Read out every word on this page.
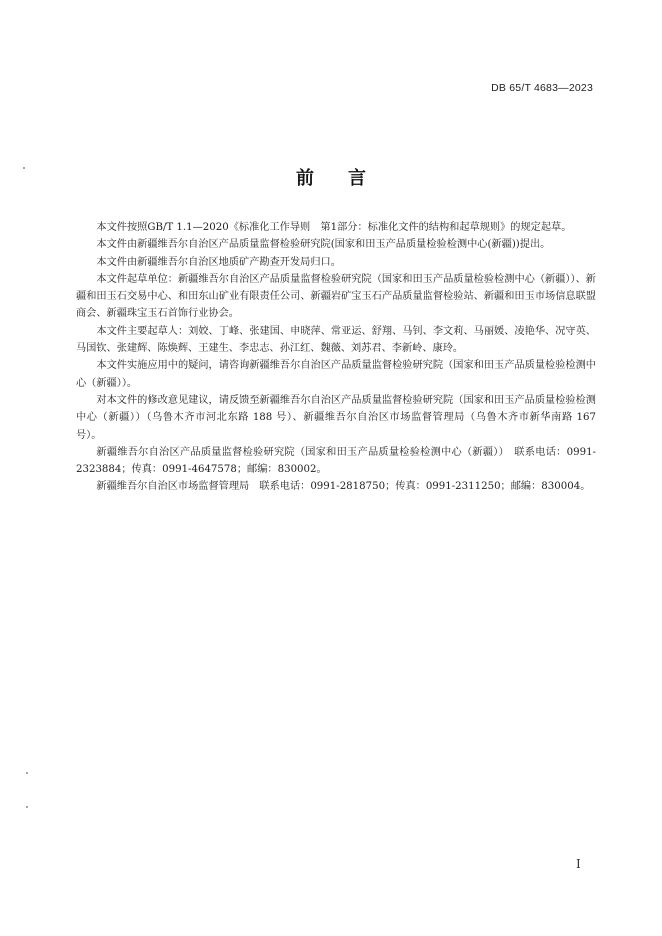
DB 65/T 4683—2023
前言

本文件按照GB/T 1.1—2020《标准化工作导则　第1部分：标准化文件的结构和起草规则》的规定起草。

本文件由新疆维吾尔自治区产品质量监督检验研究院(国家和田玉产品质量检验检测中心(新疆))提出。

本文件由新疆维吾尔自治区地质矿产勘查开发局归口。

本文件起草单位：新疆维吾尔自治区产品质量监督检验研究院（国家和田玉产品质量检验检测中心（新疆））、新疆和田玉石交易中心、和田东山矿业有限责任公司、新疆岩矿宝玉石产品质量监督检验站、新疆和田玉市场信息联盟商会、新疆珠宝玉石首饰行业协会。

本文件主要起草人：刘姣、丁峰、张建国、申晓萍、常亚运、舒翔、马钊、李文莉、马丽媛、凌艳华、况守英、马国钦、张建辉、陈焕辉、王建生、李忠志、孙江红、魏薇、刘苏君、李新岭、康玲。

本文件实施应用中的疑问，请咨询新疆维吾尔自治区产品质量监督检验研究院（国家和田玉产品质量检验检测中心（新疆））。

对本文件的修改意见建议，请反馈至新疆维吾尔自治区产品质量监督检验研究院（国家和田玉产品质量检验检测中心（新疆））（乌鲁木齐市河北东路 188 号）、新疆维吾尔自治区市场监督管理局（乌鲁木齐市新华南路 167 号）。

新疆维吾尔自治区产品质量监督检验研究院（国家和田玉产品质量检验检测中心（新疆））　联系电话：0991-2323884；传真：0991-4647578；邮编：830002。

新疆维吾尔自治区市场监督管理局　联系电话：0991-2818750；传真：0991-2311250；邮编：830004。

I
